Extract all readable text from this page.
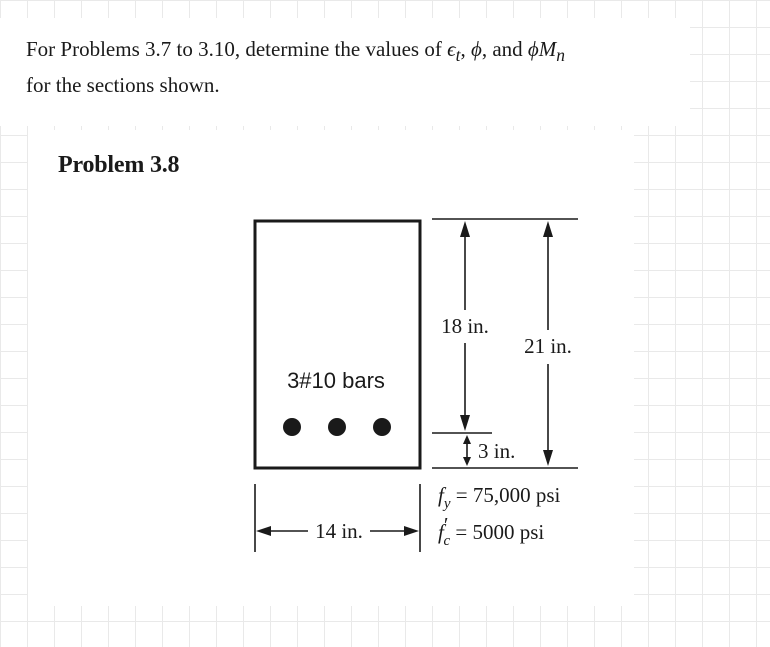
For Problems 3.7 to 3.10, determine the values of $\epsilon_t$, ϕ, and $\phi M_n$
for the sections shown.

Problem 3.8
3#10 bars
14 in.
18 in.
21 in.
3 in.
$f_y = 75,000$ psi
f′ c = 5000 psi
